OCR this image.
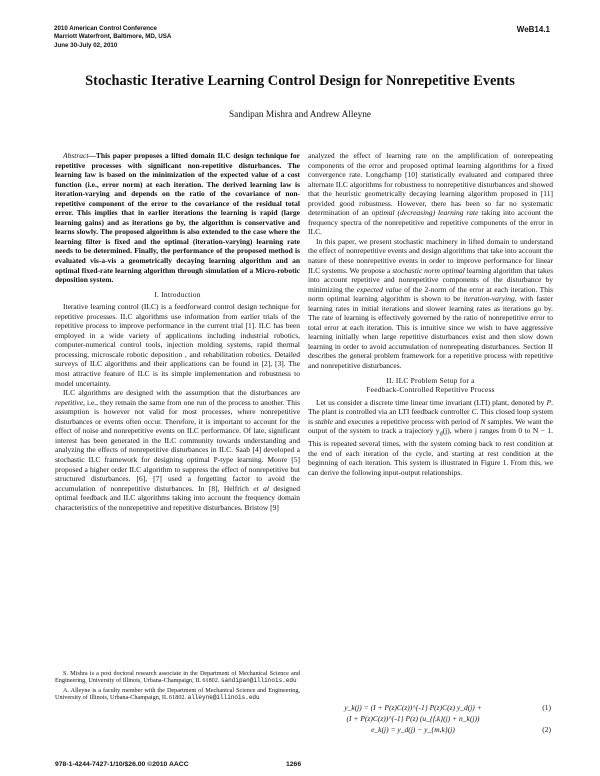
2010 American Control Conference
Marriott Waterfront, Baltimore, MD, USA
June 30-July 02, 2010
WeB14.1
Stochastic Iterative Learning Control Design for Nonrepetitive Events
Sandipan Mishra and Andrew Alleyne

Abstract—This paper proposes a lifted domain ILC design technique for repetitive processes with significant non-repetitive disturbances. The learning law is based on the minimization of the expected value of a cost function (i.e., error norm) at each iteration. The derived learning law is iteration-varying and depends on the ratio of the covariance of non-repetitive component of the error to the covariance of the residual total error. This implies that in earlier iterations the learning is rapid (large learning gains) and as iterations go by, the algorithm is conservative and learns slowly. The proposed algorithm is also extended to the case where the learning filter is fixed and the optimal (iteration-varying) learning rate needs to be determined. Finally, the performance of the proposed method is evaluated vis-a-vis a geometrically decaying learning algorithm and an optimal fixed-rate learning algorithm through simulation of a Micro-robotic deposition system.

I. Introduction

Iterative learning control (ILC) is a feedforward control design technique for repetitive processes. ILC algorithms use information from earlier trials of the repetitive process to improve performance in the current trial [1]. ILC has been employed in a wide variety of applications including industrial robotics, computer-numerical control tools, injection molding systems, rapid thermal processing, microscale robotic deposition , and rehabilitation robotics. Detailed surveys of ILC algorithms and their applications can be found in [2], [3]. The most attractive feature of ILC is its simple implementation and robustness to model uncertainty.

ILC algorithms are designed with the assumption that the disturbances are repetitive, i.e., they remain the same from one run of the process to another. This assumption is however not valid for most processes, where nonrepetitive disturbances or events often occur. Therefore, it is important to account for the effect of noise and nonrepetitive events on ILC performance. Of late, significant interest has been generated in the ILC community towards understanding and analyzing the effects of nonrepetitive disturbances in ILC. Saab [4] developed a stochastic ILC framework for designing optimal P-type learning. Moore [5] proposed a higher order ILC algorithm to suppress the effect of nonrepetitive but structured disturbances. [6], [7] used a forgetting factor to avoid the accumulation of nonrepetitive disturbances. In [8], Helfrich et al designed optimal feedback and ILC algorithms taking into account the frequency domain characteristics of the nonrepetitive and repetitive disturbances. Bristow [9]

S. Mishra is a post doctoral research associate in the Department of Mechanical Science and Engineering, University of Illinois, Urbana-Champaign, IL 61802. sandipan@illinois.edu

A. Alleyne is a faculty member with the Department of Mechanical Science and Engineering, University of Illinois, Urbana-Champaign, IL 61802. alleyne@illinois.edu

analyzed the effect of learning rate on the amplification of nonrepeating components of the error and proposed optimal learning algorithms for a fixed convergence rate. Longchamp [10] statistically evaluated and compared three alternate ILC algorithms for robustness to nonrepetitive disturbances and showed that the heuristic geometrically decaying learning algorithm proposed in [11] provided good robustness. However, there has been so far no systematic determination of an optimal (decreasing) learning rate taking into account the frequency spectra of the nonrepetitive and repetitive components of the error in ILC.

In this paper, we present stochastic machinery in lifted domain to understand the effect of nonrepetitive events and design algorithms that take into account the nature of these nonrepetitive events in order to improve performance for linear ILC systems. We propose a stochastic norm optimal learning algorithm that takes into account repetitive and nonrepetitive components of the disturbance by minimizing the expected value of the 2-norm of the error at each iteration. This norm optimal learning algorithm is shown to be iteration-varying, with faster learning rates in initial iterations and slower learning rates as iterations go by. The rate of learning is effectively governed by the ratio of nonrepetitive error to total error at each iteration. This is intuitive since we wish to have aggressive learning initially when large repetitive disturbances exist and then slow down learning in order to avoid accumulation of nonrepeating disturbances. Section II describes the general problem framework for a repetitive process with repetitive and nonrepetitive disturbances.

II. ILC Problem Setup for a
Feedback-Controlled Repetitive Process

Let us consider a discrete time linear time invariant (LTI) plant, denoted by P. The plant is controlled via an LTI feedback controller C. This closed loop system is stable and executes a repetitive process with period of N samples. We want the output of the system to track a trajectory $y_d(j)$, where j ranges from 0 to N − 1. This is repeated several times, with the system coming back to rest condition at the end of each iteration of the cycle, and starting at rest condition at the beginning of each iteration. This system is illustrated in Figure 1. From this, we can derive the following input-output relationships.

y_k(j) = (I + P(z)C(z))^{-1} P(z)C(z) y_d(j) +	(1)
(I + P(z)C(z))^{-1} P(z) (u_{f,k}(j) + n_k(j))
e_k(j) = y_d(j) − y_{m,k}(j)	(2)
978-1-4244-7427-1/10/$26.00 ©2010 AACC	1266
